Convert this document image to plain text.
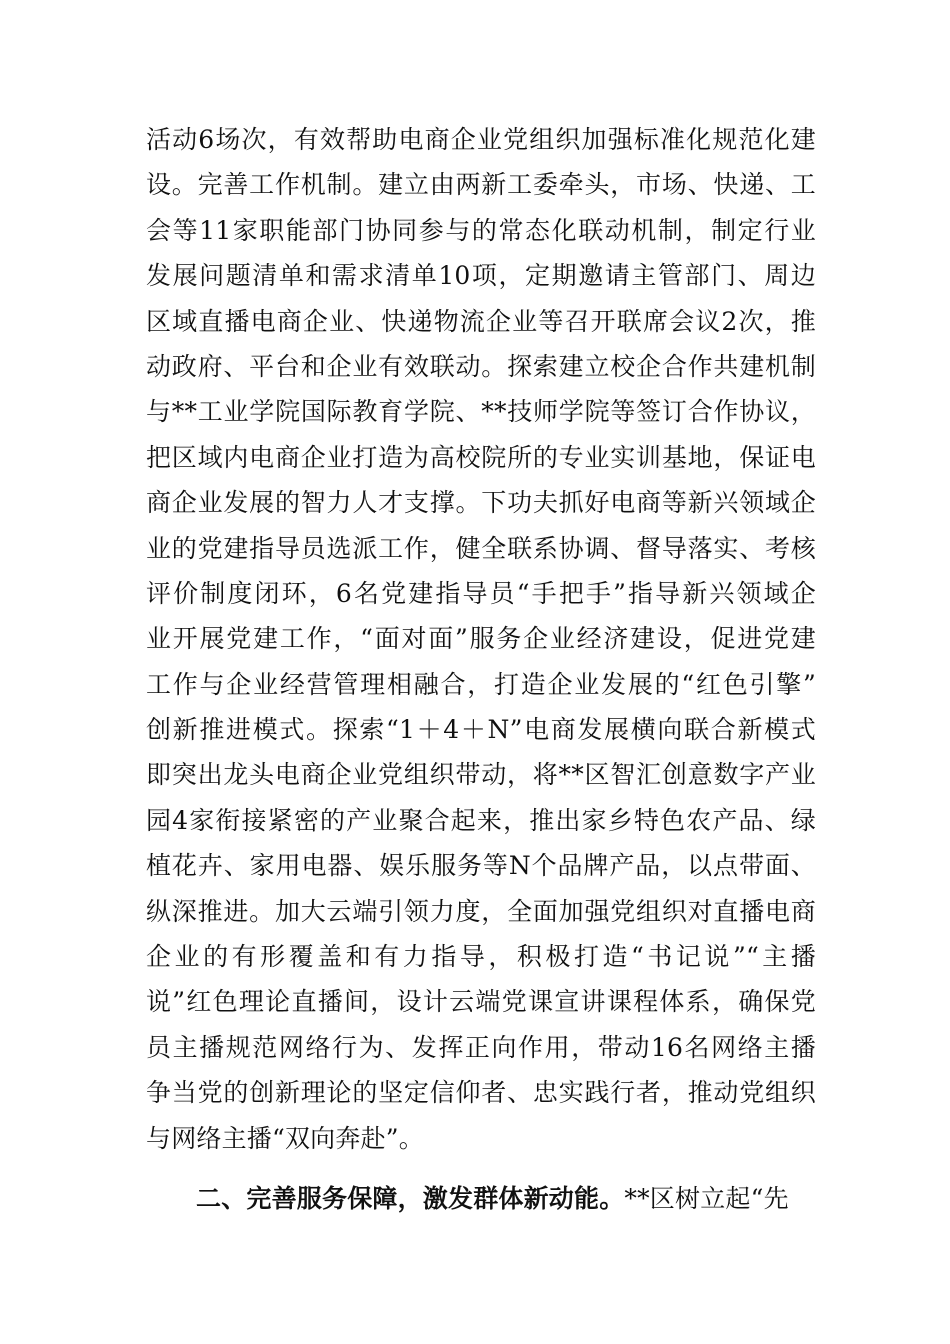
活动6场次，有效帮助电商企业党组织加强标准化规范化建
设。完善工作机制。建立由两新工委牵头，市场、快递、工
会等11家职能部门协同参与的常态化联动机制，制定行业
发展问题清单和需求清单10项，定期邀请主管部门、周边
区域直播电商企业、快递物流企业等召开联席会议2次，推
动政府、平台和企业有效联动。探索建立校企合作共建机制
与**工业学院国际教育学院、**技师学院等签订合作协议，
把区域内电商企业打造为高校院所的专业实训基地，保证电
商企业发展的智力人才支撑。下功夫抓好电商等新兴领域企
业的党建指导员选派工作，健全联系协调、督导落实、考核
评价制度闭环，6名党建指导员“手把手”指导新兴领域企
业开展党建工作，“面对面”服务企业经济建设，促进党建
工作与企业经营管理相融合，打造企业发展的“红色引擎”
创新推进模式。探索“1＋4＋N”电商发展横向联合新模式
即突出龙头电商企业党组织带动，将**区智汇创意数字产业
园4家衔接紧密的产业聚合起来，推出家乡特色农产品、绿
植花卉、家用电器、娱乐服务等N个品牌产品，以点带面、
纵深推进。加大云端引领力度，全面加强党组织对直播电商
企业的有形覆盖和有力指导，积极打造“书记说”“主播
说”红色理论直播间，设计云端党课宣讲课程体系，确保党
员主播规范网络行为、发挥正向作用，带动16名网络主播
争当党的创新理论的坚定信仰者、忠实践行者，推动党组织
与网络主播“双向奔赴”。
二、完善服务保障，激发群体新动能。**区树立起“先
